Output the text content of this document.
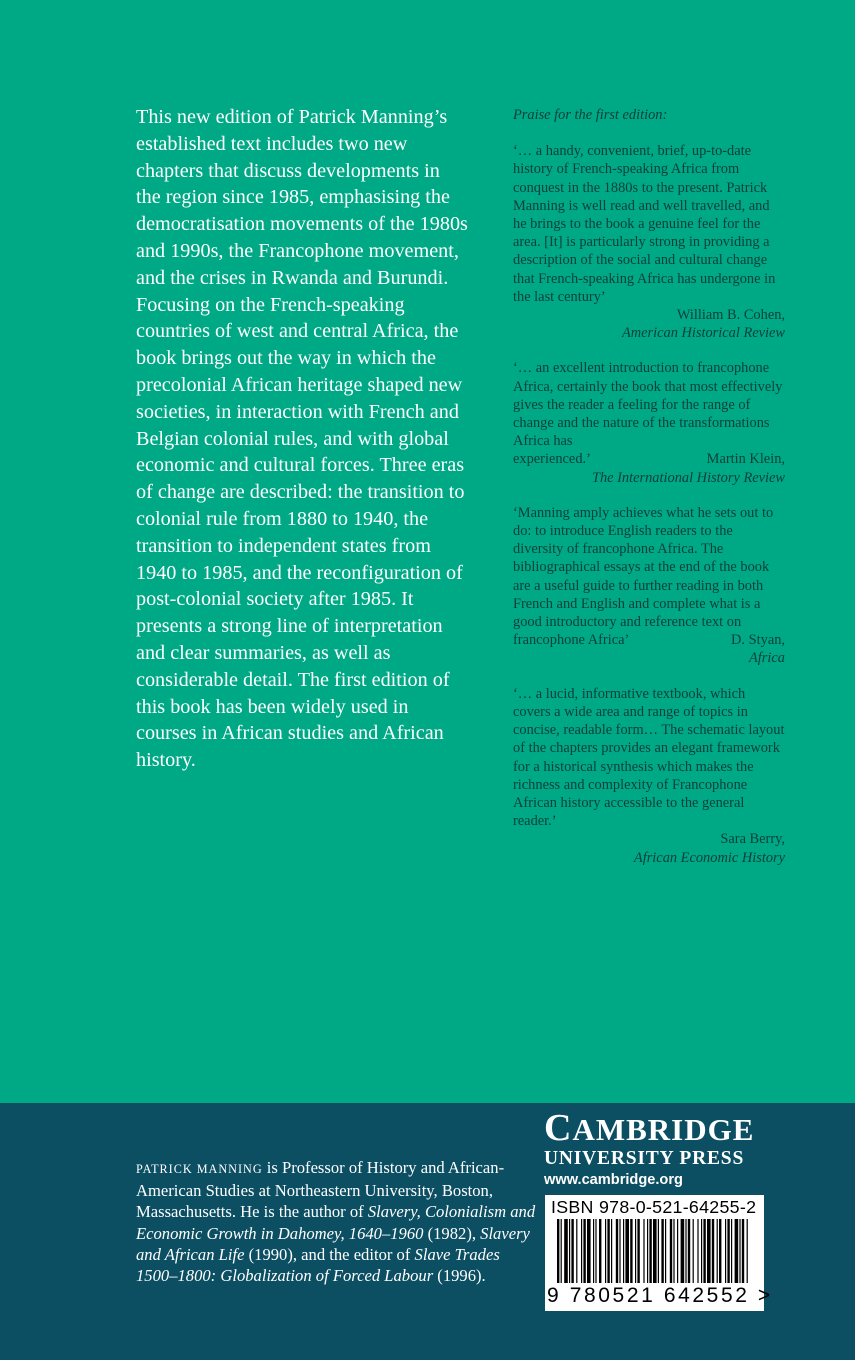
This new edition of Patrick Manning’s established text includes two new chapters that discuss developments in the region since 1985, emphasising the democratisation movements of the 1980s and 1990s, the Francophone movement, and the crises in Rwanda and Burundi. Focusing on the French-speaking countries of west and central Africa, the book brings out the way in which the precolonial African heritage shaped new societies, in interaction with French and Belgian colonial rules, and with global economic and cultural forces. Three eras of change are described: the transition to colonial rule from 1880 to 1940, the transition to independent states from 1940 to 1985, and the reconfiguration of post-colonial society after 1985. It presents a strong line of interpretation and clear summaries, as well as considerable detail. The first edition of this book has been widely used in courses in African studies and African history.

Praise for the first edition:

‘… a handy, convenient, brief, up-to-date history of French-speaking Africa from conquest in the 1880s to the present. Patrick Manning is well read and well travelled, and he brings to the book a genuine feel for the area. [It] is particularly strong in providing a description of the social and cultural change that French-speaking Africa has undergone in the last century’

William B. Cohen,
American Historical Review

‘… an excellent introduction to francophone Africa, certainly the book that most effectively gives the reader a feeling for the range of change and the nature of the transformations Africa has

experienced.’	Martin Klein,
The International History Review

‘Manning amply achieves what he sets out to do: to introduce English readers to the diversity of francophone Africa. The bibliographical essays at the end of the book are a useful guide to further reading in both French and English and complete what is a good introductory and reference text on

francophone Africa’	D. Styan,
Africa

‘… a lucid, informative textbook, which covers a wide area and range of topics in concise, readable form… The schematic layout of the chapters provides an elegant framework for a historical synthesis which makes the richness and complexity of Francophone African history accessible to the general reader.’

Sara Berry,
African Economic History

PATRICK MANNING is Professor of History and African-American Studies at Northeastern University, Boston, Massachusetts. He is the author of Slavery, Colonialism and Economic Growth in Dahomey, 1640–1960 (1982), Slavery and African Life (1990), and the editor of Slave Trades 1500–1800: Globalization of Forced Labour (1996).

CAMBRIDGE
UNIVERSITY PRESS
www.cambridge.org
ISBN 978-0-521-64255-2
9 780521 642552 >
